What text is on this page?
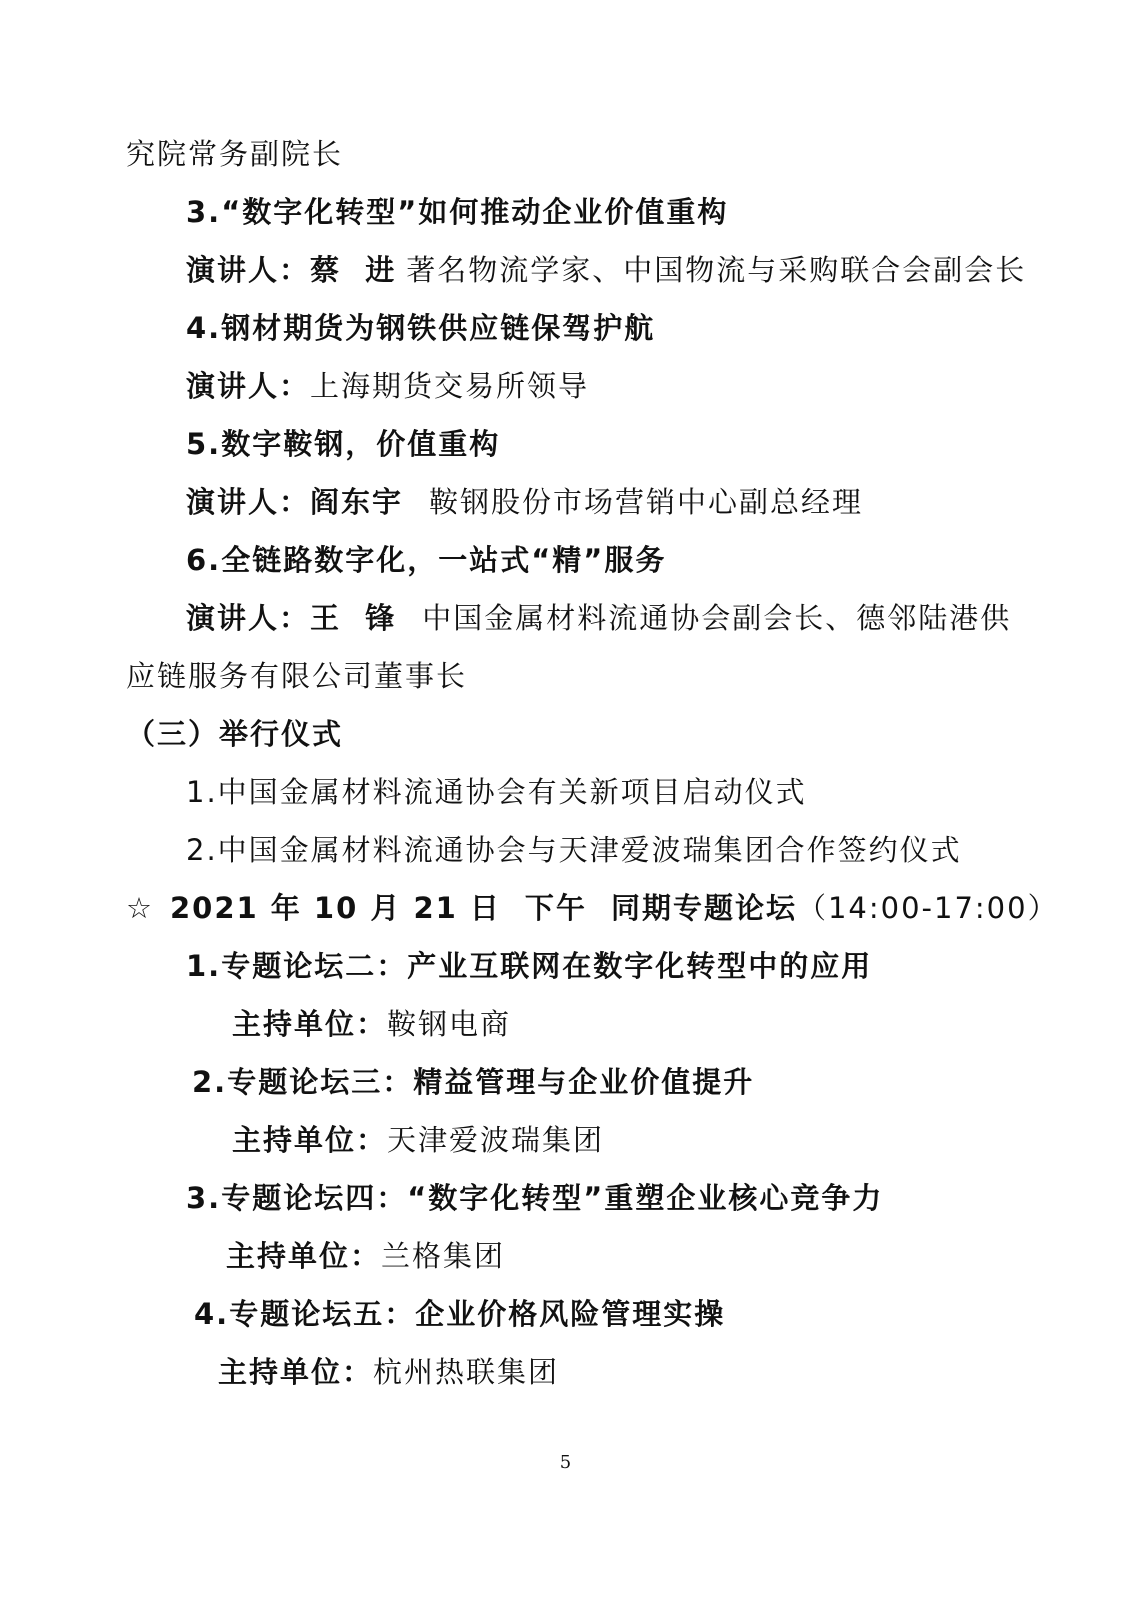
究院常务副院长
3.“数字化转型”如何推动企业价值重构
演讲人：蔡  进 著名物流学家、中国物流与采购联合会副会长
4.钢材期货为钢铁供应链保驾护航
演讲人：上海期货交易所领导
5.数字鞍钢，价值重构
演讲人：阎东宇 鞍钢股份市场营销中心副总经理
6.全链路数字化，一站式“精”服务
演讲人：王  锋 中国金属材料流通协会副会长、德邻陆港供
应链服务有限公司董事长
（三）举行仪式
1.中国金属材料流通协会有关新项目启动仪式
2.中国金属材料流通协会与天津爱波瑞集团合作签约仪式
☆ 2021 年 10 月 21 日 下午 同期专题论坛（14:00-17:00）
1.专题论坛二：产业互联网在数字化转型中的应用
主持单位：鞍钢电商
2.专题论坛三：精益管理与企业价值提升
主持单位：天津爱波瑞集团
3.专题论坛四：“数字化转型”重塑企业核心竞争力
主持单位：兰格集团
4.专题论坛五：企业价格风险管理实操
主持单位：杭州热联集团
5
